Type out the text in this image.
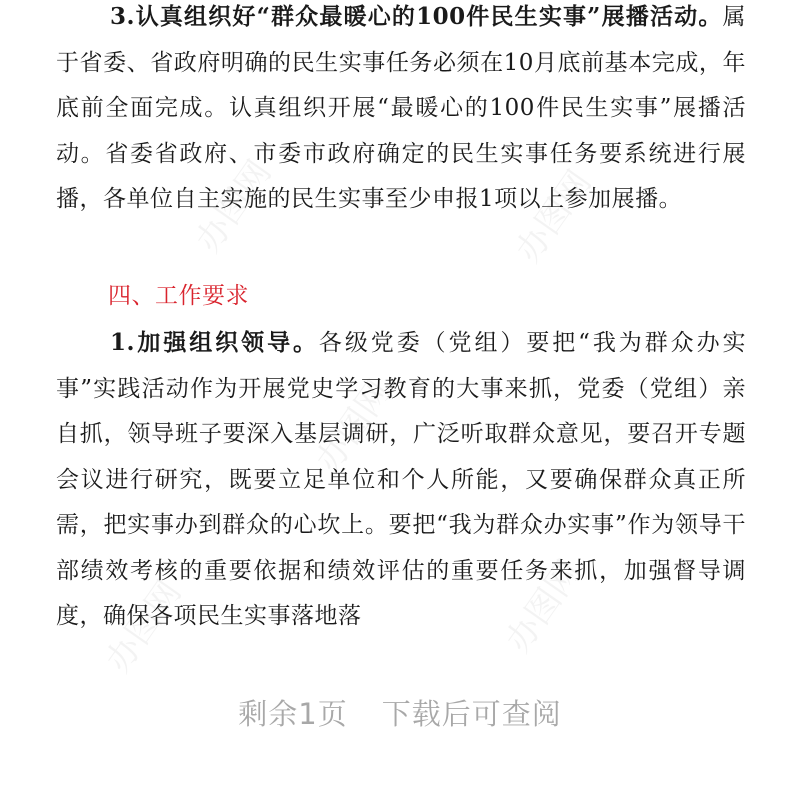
办图网	办图网
办图网
办图网	办图网

3.认真组织好“群众最暖心的100件民生实事”展播活动。属于省委、省政府明确的民生实事任务必须在10月底前基本完成，年底前全面完成。认真组织开展“最暖心的100件民生实事”展播活动。省委省政府、市委市政府确定的民生实事任务要系统进行展播，各单位自主实施的民生实事至少申报1项以上参加展播。

四、工作要求

1.加强组织领导。各级党委（党组）要把“我为群众办实事”实践活动作为开展党史学习教育的大事来抓，党委（党组）亲自抓，领导班子要深入基层调研，广泛听取群众意见，要召开专题会议进行研究，既要立足单位和个人所能，又要确保群众真正所需，把实事办到群众的心坎上。要把“我为群众办实事”作为领导干部绩效考核的重要依据和绩效评估的重要任务来抓，加强督导调度，确保各项民生实事落地落

剩余1页 下载后可查阅
